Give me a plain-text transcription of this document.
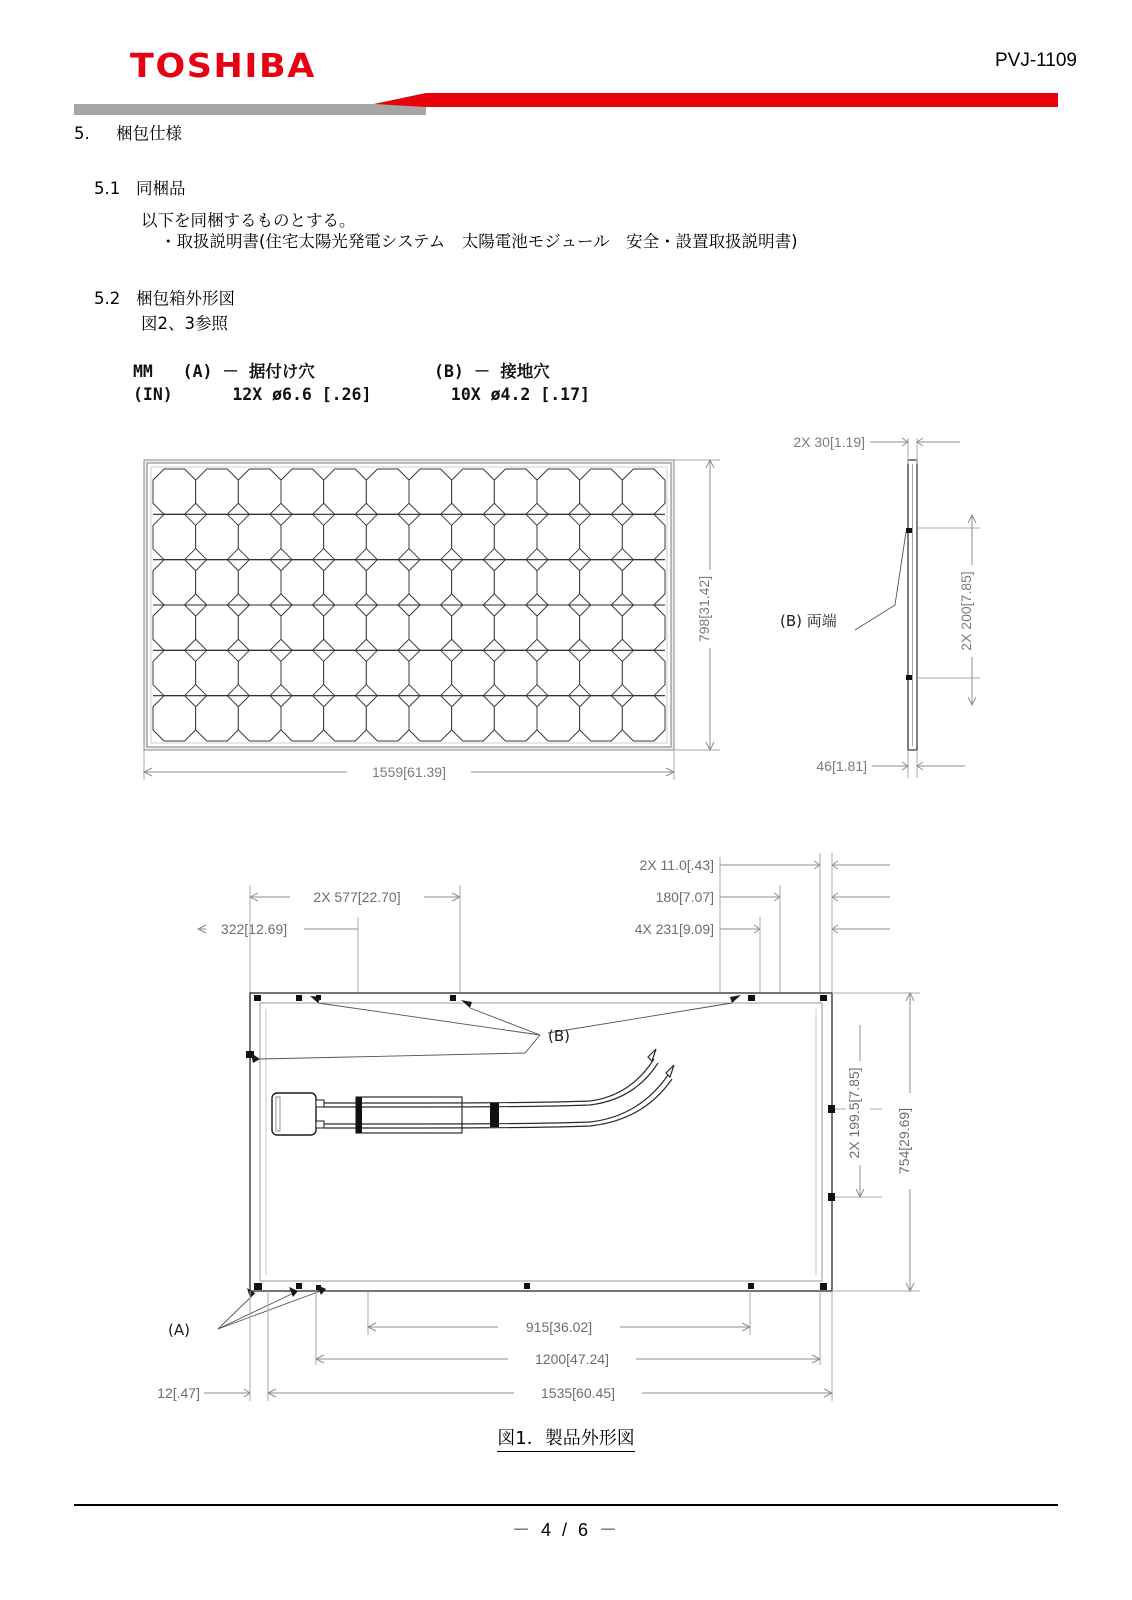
TOSHIBA	PVJ-1109
5. 梱包仕様
5.1 同梱品
以下を同梱するものとする。
・取扱説明書(住宅太陽光発電システム　太陽電池モジュール　安全・設置取扱説明書)
5.2 梱包箱外形図
図2、3参照
MM   (A) － 据付け穴            (B) － 接地穴
(IN)      12X ø6.6 [.26]        10X ø4.2 [.17]
798[31.42]
1559[61.39]
2X 30[1.19]
2X 200[7.85]
46[1.81]
(B) 両端
2X 11.0[.43]
2X 577[22.70]	180[7.07]
322[12.69]	4X 231[9.09]
2X 199.5[7.85] 754[29.69]
(B)
(A)	915[36.02]
1200[47.24]
12[.47]	1535[60.45]
図1．製品外形図
－ 4 / 6 －
